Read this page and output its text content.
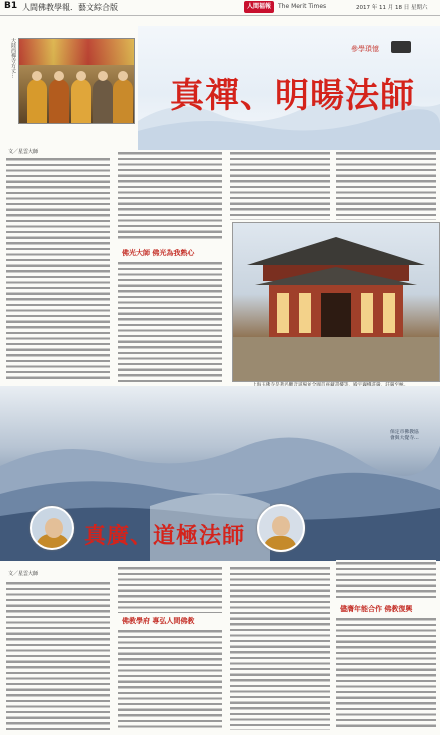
B1 人間佛教學報．藝文綜合版	人間福報	The Merit Times	2017 年 11 月 18 日 星期六
大陸西禪寺方丈…	參學瑣憶
真禪、明暘法師
文／星雲大師
佛光大師 佛光為我熟心
保定市佛教協會與大覺寺…
真廣、道極法師
文／星雲大師
佛教學府 專弘人間佛教
儘膺年能合作 佛教復興
